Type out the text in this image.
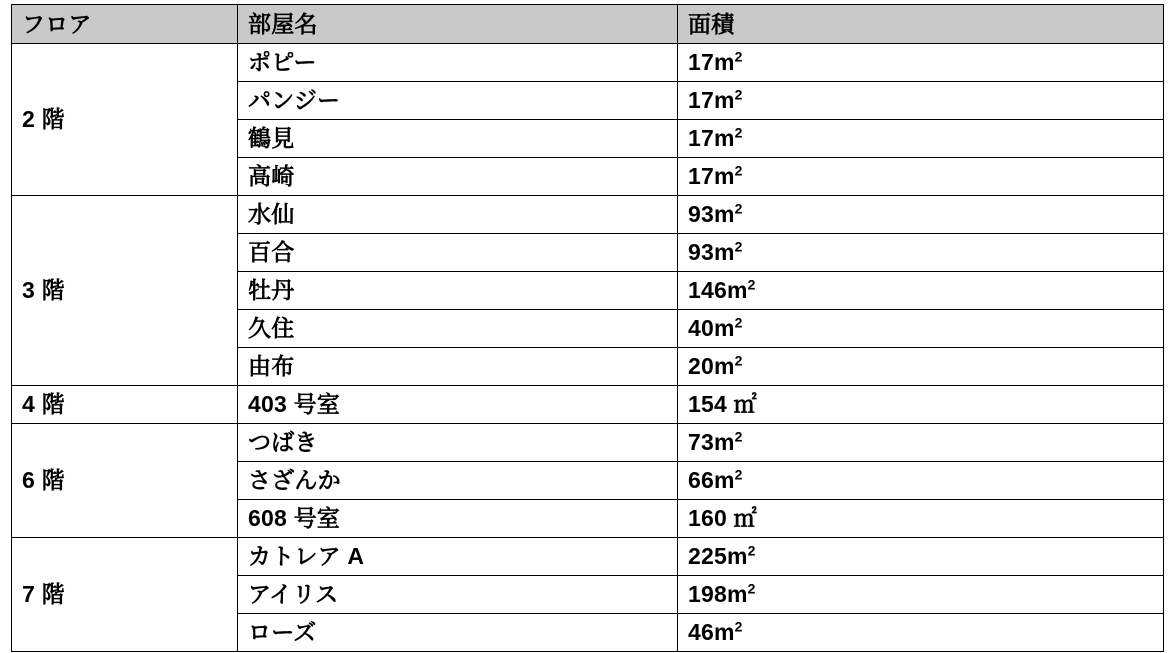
フロア	部屋名	面積
2 階	ポピー	$17m^2$
	パンジー	$17m^2$
	鶴見	$17m^2$
	高崎	$17m^2$
3 階	水仙	$93m^2$
	百合	$93m^2$
	牡丹	$146m^2$
	久住	$40m^2$
	由布	$20m^2$
4 階	403 号室	154 ㎡
6 階	つばき	$73m^2$
	さざんか	$66m^2$
	608 号室	160 ㎡
7 階	カトレア A	$225m^2$
	アイリス	$198m^2$
	ローズ	$46m^2$
